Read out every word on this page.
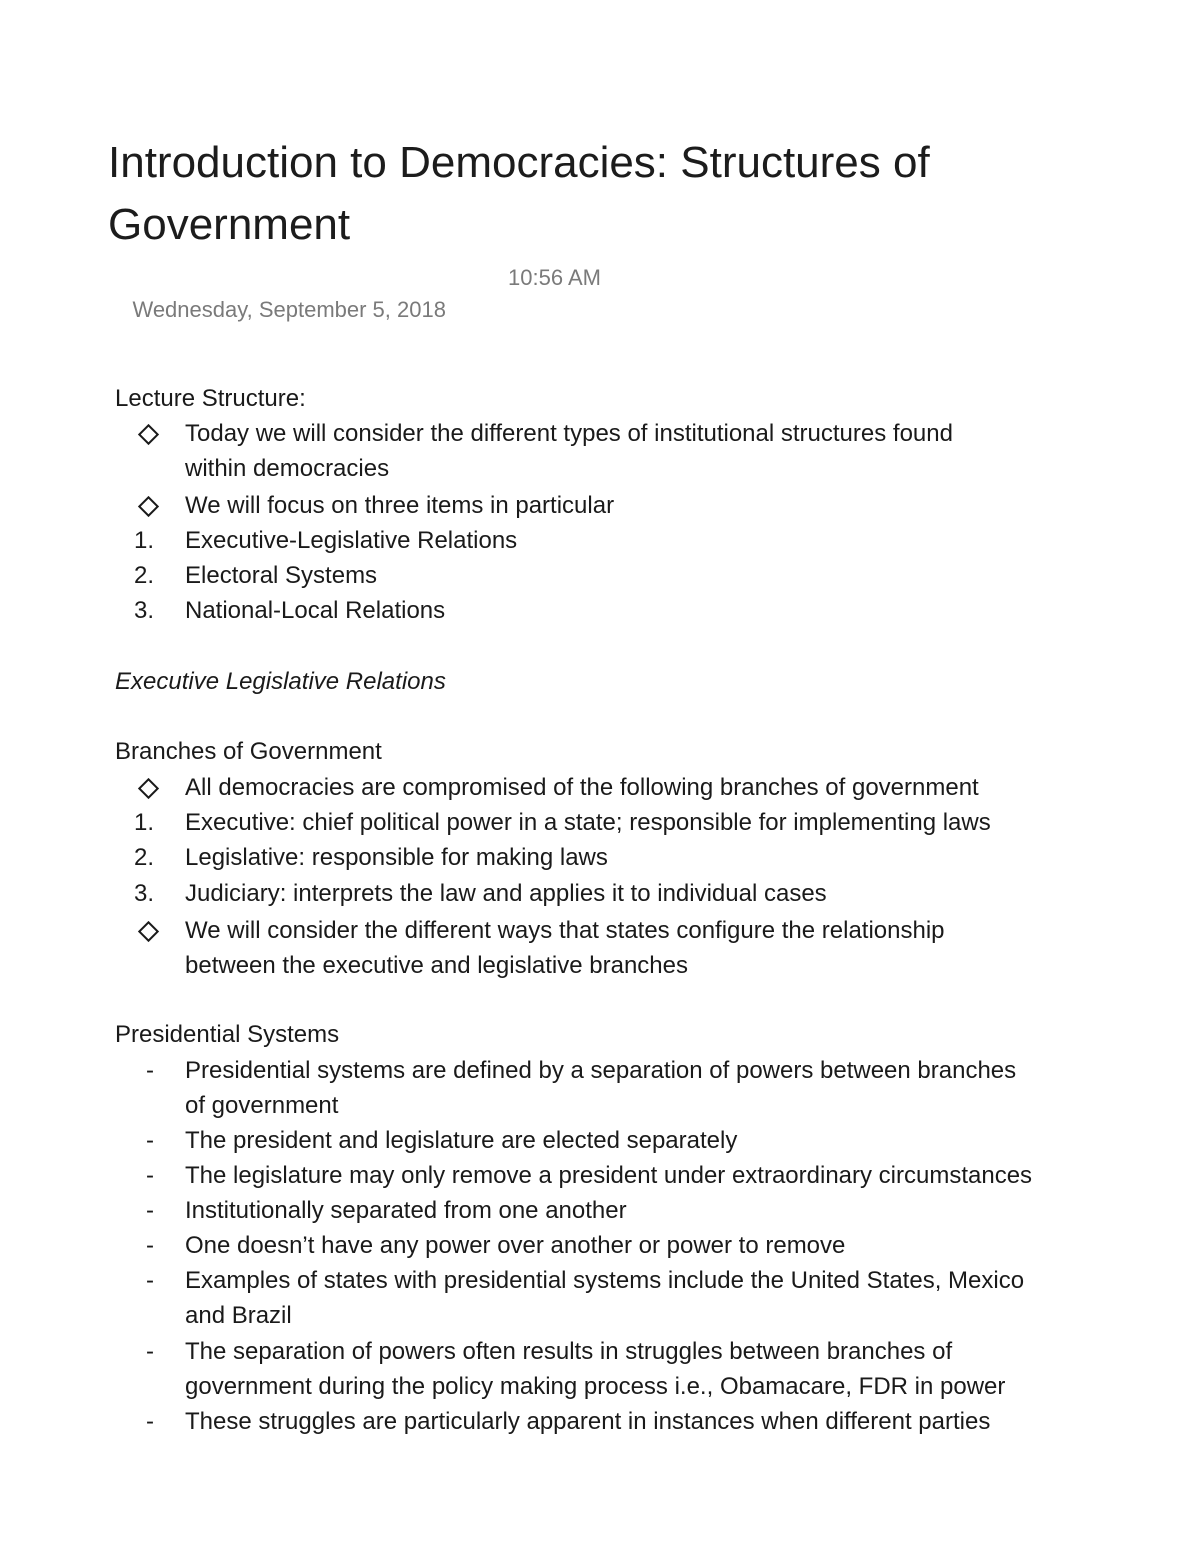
Introduction to Democracies: Structures of Government

Wednesday, September 5, 2018

10:56 AM

Lecture Structure:
Today we will consider the different types of institutional structures found
within democracies
We will focus on three items in particular
1.	Executive-Legislative Relations
2.	Electoral Systems
3.	National-Local Relations
Executive Legislative Relations
Branches of Government
All democracies are compromised of the following branches of government
1.	Executive: chief political power in a state; responsible for implementing laws
2.	Legislative: responsible for making laws
3.	Judiciary: interprets the law and applies it to individual cases
We will consider the different ways that states configure the relationship
between the executive and legislative branches
Presidential Systems
-	Presidential systems are defined by a separation of powers between branches
of government
-	The president and legislature are elected separately
-	The legislature may only remove a president under extraordinary circumstances
-	Institutionally separated from one another
-	One doesn’t have any power over another or power to remove
-	Examples of states with presidential systems include the United States, Mexico
and Brazil
-	The separation of powers often results in struggles between branches of
government during the policy making process i.e., Obamacare, FDR in power
-	These struggles are particularly apparent in instances when different parties
